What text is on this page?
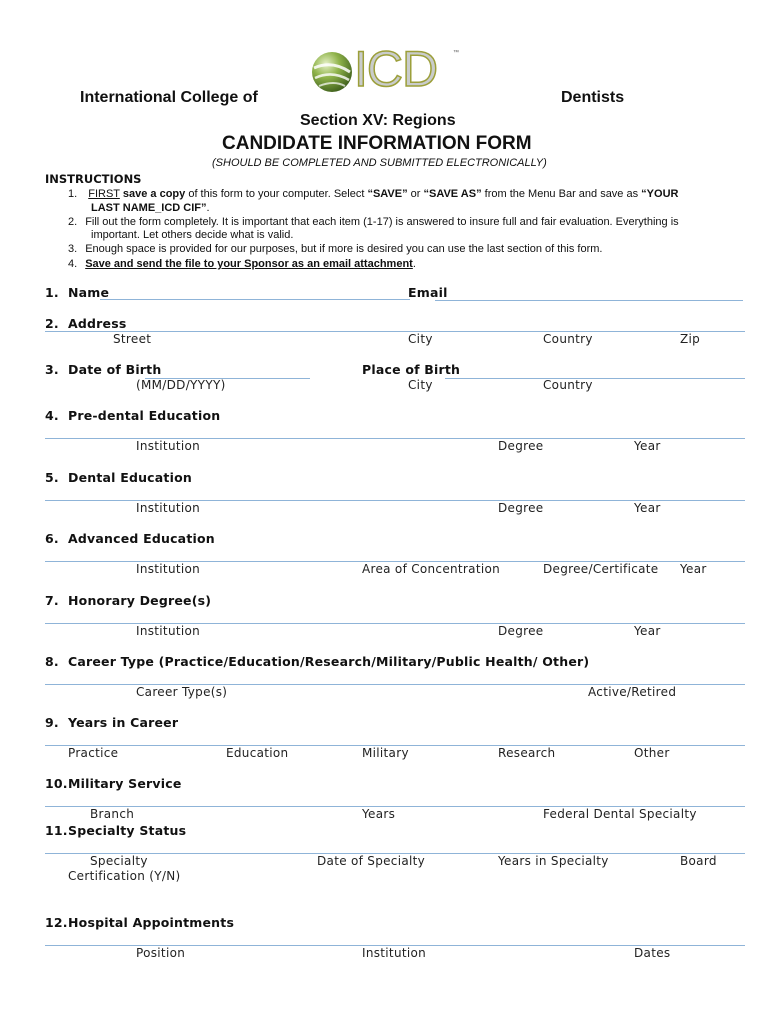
ICD	™
International College of	Dentists
Section XV: Regions
CANDIDATE INFORMATION FORM
(SHOULD BE COMPLETED AND SUBMITTED ELECTRONICALLY)
INSTRUCTIONS
1. FIRST save a copy of this form to your computer. Select “SAVE” or “SAVE AS” from the Menu Bar and save as “YOUR
LAST NAME_ICD CIF”.
2. Fill out the form completely. It is important that each item (1-17) is answered to insure full and fair evaluation. Everything is
important. Let others decide what is valid.
3. Enough space is provided for our purposes, but if more is desired you can use the last section of this form.
4. Save and send the file to your Sponsor as an email attachment.
1. Name	Email
2. Address
Street	City	Country	Zip
3. Date of Birth
(MM/DD/YYYY)
Place of Birth
City	Country
4. Pre-dental Education
Institution	Degree	Year
5. Dental Education
Institution	Degree	Year
6. Advanced Education
Institution	Area of Concentration	Degree/Certificate Year
7. Honorary Degree(s)
Institution	Degree	Year
8. Career Type (Practice/Education/Research/Military/Public Health/ Other)
Career Type(s)	Active/Retired
9. Years in Career
Practice	Education	Military	Research	Other
10. Military Service
Branch	Years	Federal Dental Specialty
11. Specialty Status
Specialty	Date of Specialty	Years in Specialty	Board
Certification (Y/N)
12. Hospital Appointments
Position	Institution	Dates
